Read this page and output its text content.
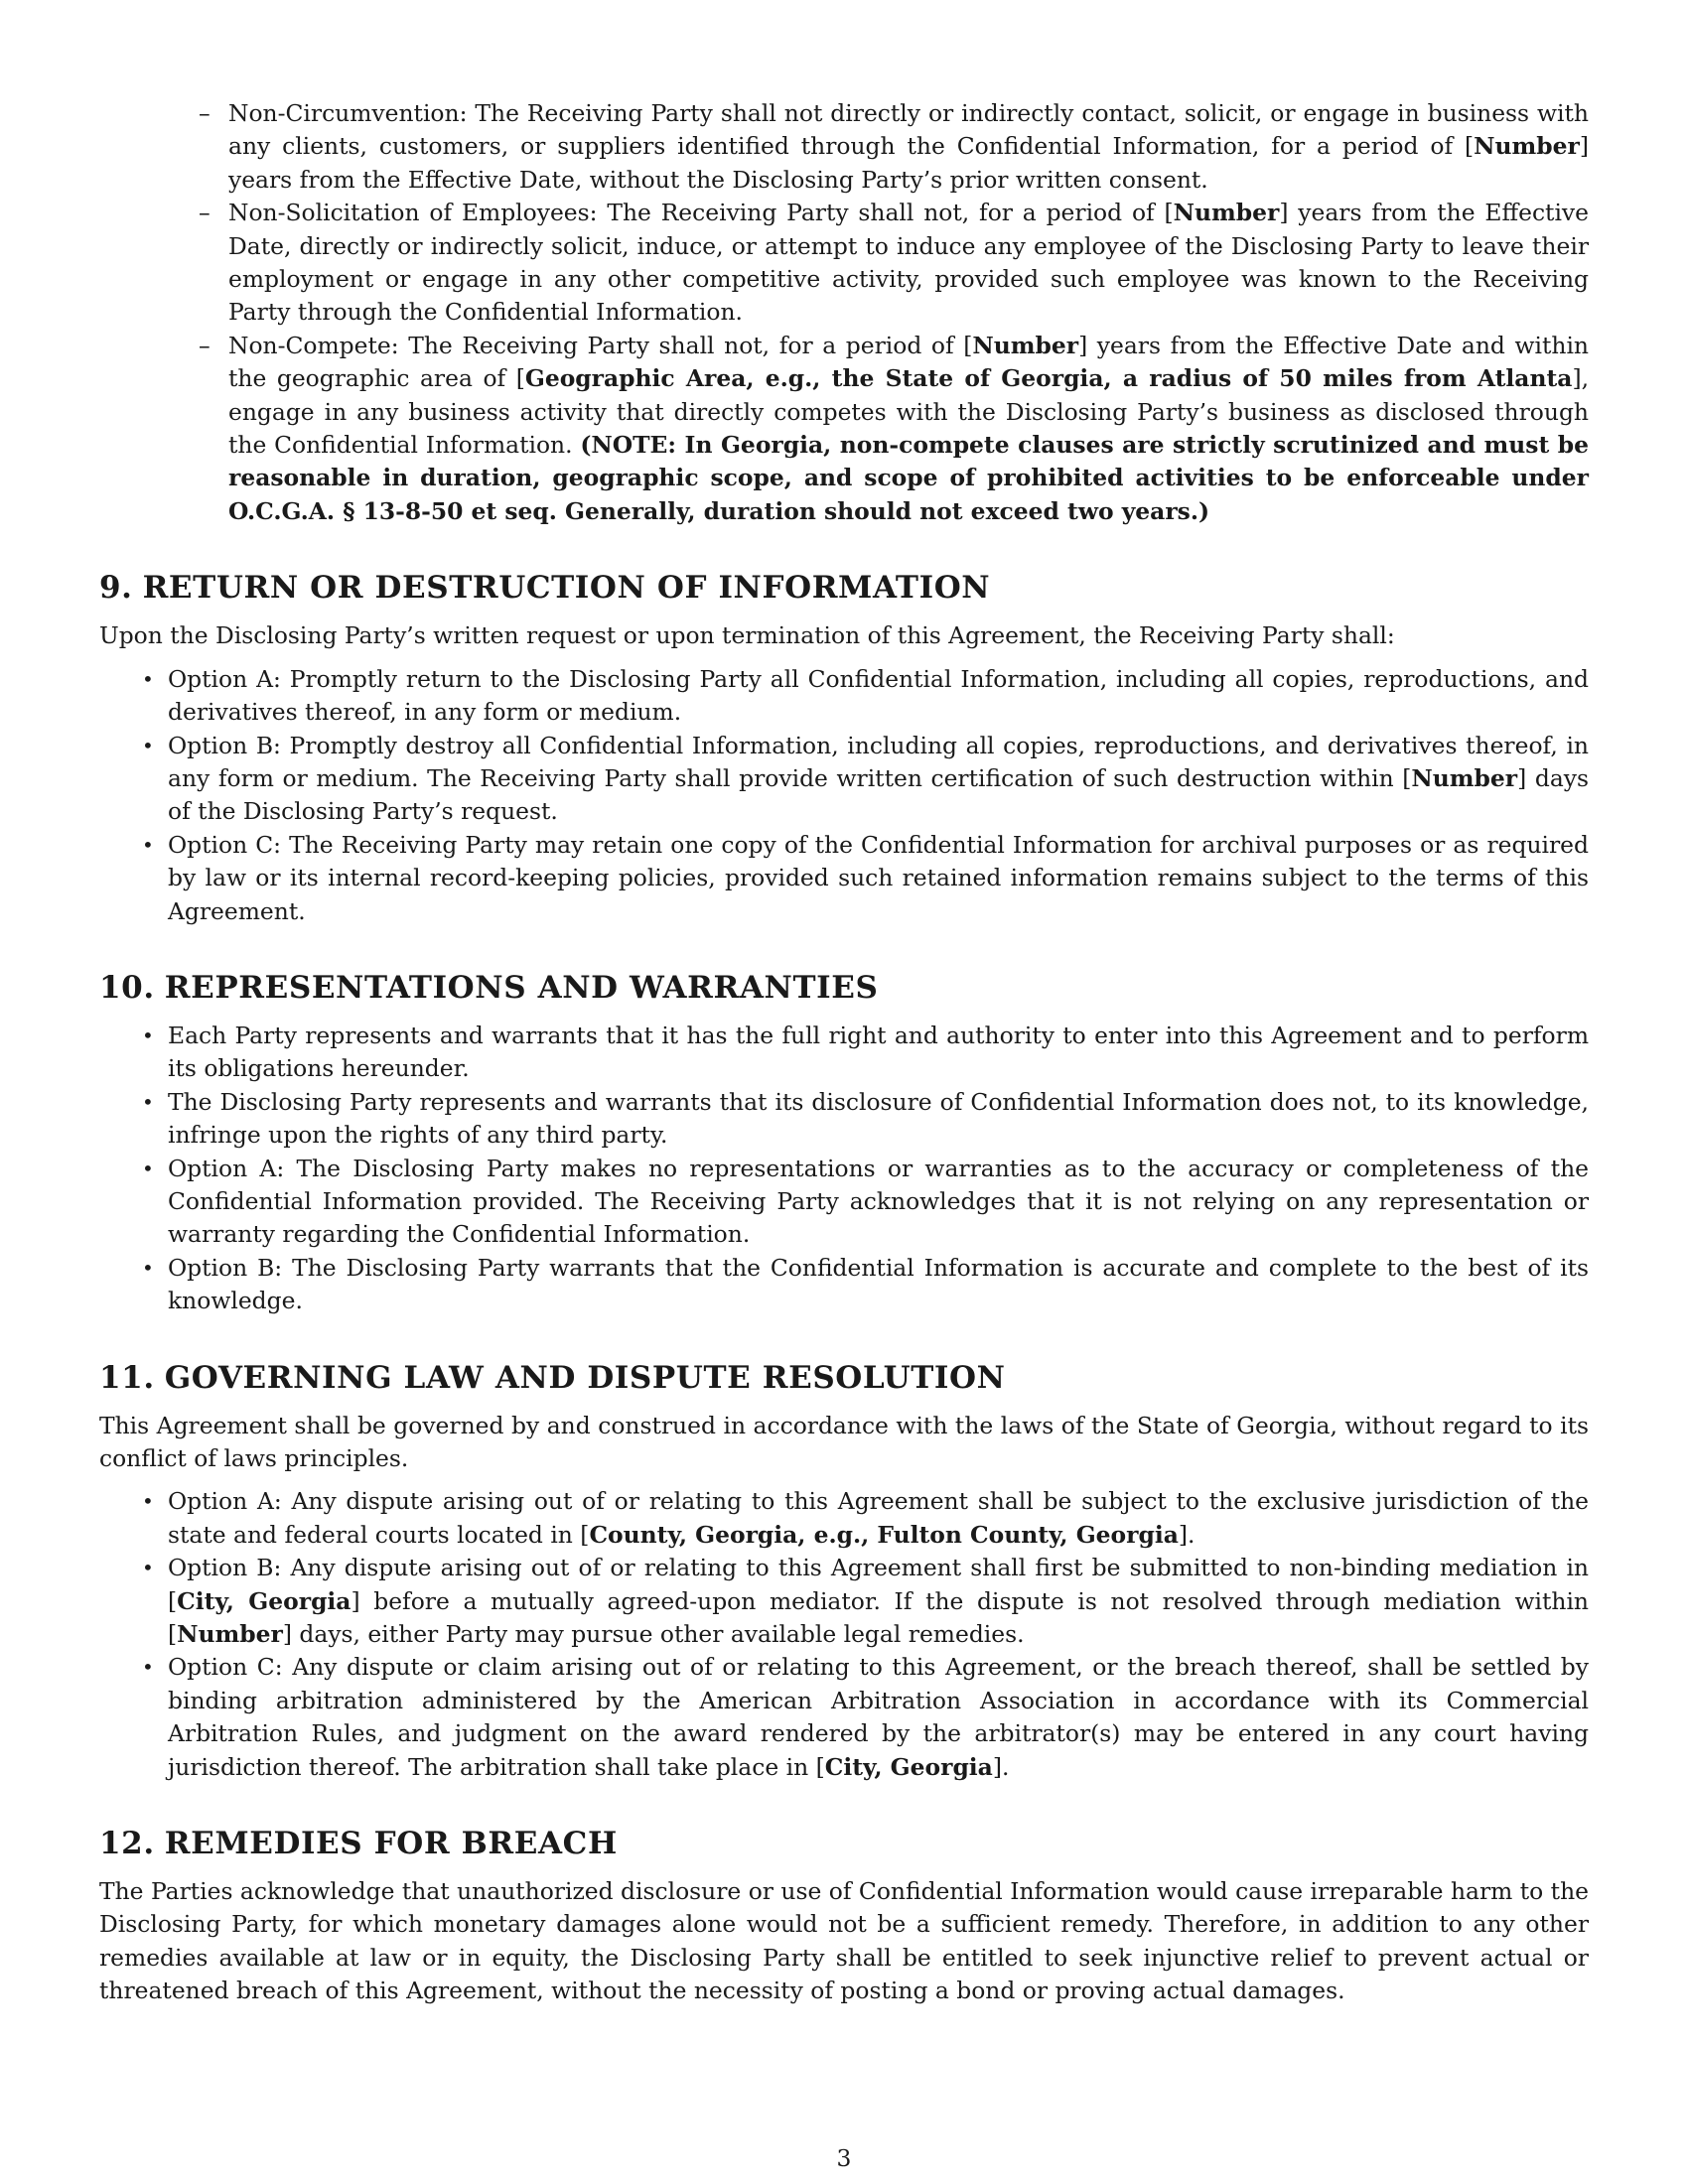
– Non-Circumvention: The Receiving Party shall not directly or indirectly contact, solicit, or engage in business with any clients, customers, or suppliers identified through the Confidential Information, for a period of [Number] years from the Effective Date, without the Disclosing Party’s prior written consent.
– Non-Solicitation of Employees: The Receiving Party shall not, for a period of [Number] years from the Effective Date, directly or indirectly solicit, induce, or attempt to induce any employee of the Disclosing Party to leave their employment or engage in any other competitive activity, provided such employee was known to the Receiving Party through the Confidential Information.
– Non-Compete: The Receiving Party shall not, for a period of [Number] years from the Effective Date and within the geographic area of [Geographic Area, e.g., the State of Georgia, a radius of 50 miles from Atlanta], engage in any business activity that directly competes with the Disclosing Party’s business as disclosed through the Confidential Information. (NOTE: In Georgia, non-compete clauses are strictly scrutinized and must be reasonable in duration, geographic scope, and scope of prohibited activities to be enforceable under O.C.G.A. § 13-8-50 et seq. Generally, duration should not exceed two years.)
9. RETURN OR DESTRUCTION OF INFORMATION

Upon the Disclosing Party’s written request or upon termination of this Agreement, the Receiving Party shall:

• Option A: Promptly return to the Disclosing Party all Confidential Information, including all copies, reproductions, and derivatives thereof, in any form or medium.
• Option B: Promptly destroy all Confidential Information, including all copies, reproductions, and derivatives thereof, in any form or medium. The Receiving Party shall provide written certification of such destruction within [Number] days of the Disclosing Party’s request.
• Option C: The Receiving Party may retain one copy of the Confidential Information for archival purposes or as required by law or its internal record-keeping policies, provided such retained information remains subject to the terms of this Agreement.
10. REPRESENTATIONS AND WARRANTIES
• Each Party represents and warrants that it has the full right and authority to enter into this Agreement and to perform its obligations hereunder.
• The Disclosing Party represents and warrants that its disclosure of Confidential Information does not, to its knowledge, infringe upon the rights of any third party.
• Option A: The Disclosing Party makes no representations or warranties as to the accuracy or completeness of the Confidential Information provided. The Receiving Party acknowledges that it is not relying on any representation or warranty regarding the Confidential Information.
• Option B: The Disclosing Party warrants that the Confidential Information is accurate and complete to the best of its knowledge.
11. GOVERNING LAW AND DISPUTE RESOLUTION

This Agreement shall be governed by and construed in accordance with the laws of the State of Georgia, without regard to its conflict of laws principles.

• Option A: Any dispute arising out of or relating to this Agreement shall be subject to the exclusive jurisdiction of the state and federal courts located in [County, Georgia, e.g., Fulton County, Georgia].
• Option B: Any dispute arising out of or relating to this Agreement shall first be submitted to non-binding mediation in [City, Georgia] before a mutually agreed-upon mediator. If the dispute is not resolved through mediation within [Number] days, either Party may pursue other available legal remedies.
• Option C: Any dispute or claim arising out of or relating to this Agreement, or the breach thereof, shall be settled by binding arbitration administered by the American Arbitration Association in accordance with its Commercial Arbitration Rules, and judgment on the award rendered by the arbitrator(s) may be entered in any court having jurisdiction thereof. The arbitration shall take place in [City, Georgia].
12. REMEDIES FOR BREACH

The Parties acknowledge that unauthorized disclosure or use of Confidential Information would cause irreparable harm to the Disclosing Party, for which monetary damages alone would not be a sufficient remedy. Therefore, in addition to any other remedies available at law or in equity, the Disclosing Party shall be entitled to seek injunctive relief to prevent actual or threatened breach of this Agreement, without the necessity of posting a bond or proving actual damages.

3
